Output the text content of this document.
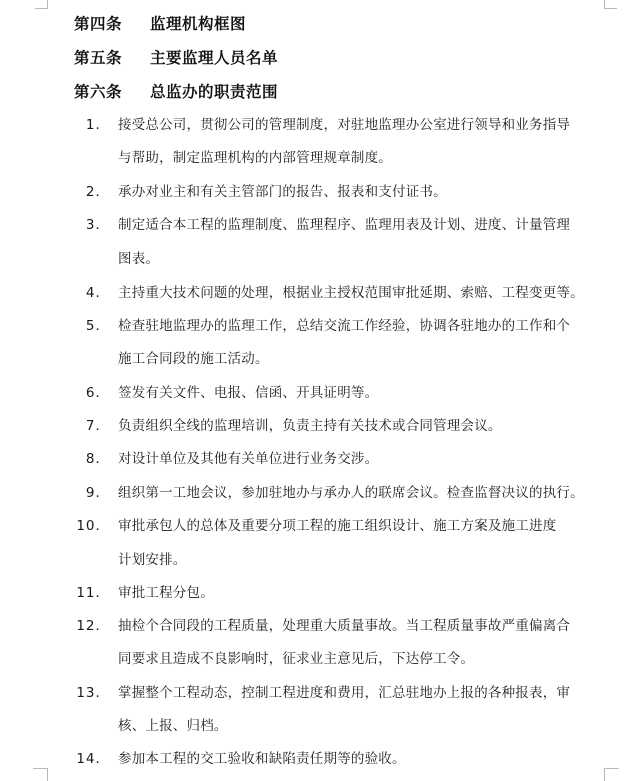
第四条 监理机构框图
第五条 主要监理人员名单
第六条 总监办的职责范围
1． 接受总公司，贯彻公司的管理制度，对驻地监理办公室进行领导和业务指导
与帮助，制定监理机构的内部管理规章制度。
2． 承办对业主和有关主管部门的报告、报表和支付证书。
3． 制定适合本工程的监理制度、监理程序、监理用表及计划、进度、计量管理
图表。
4． 主持重大技术问题的处理，根据业主授权范围审批延期、索赔、工程变更等。
5． 检查驻地监理办的监理工作，总结交流工作经验，协调各驻地办的工作和个
施工合同段的施工活动。
6． 签发有关文件、电报、信函、开具证明等。
7． 负责组织全线的监理培训，负责主持有关技术或合同管理会议。
8． 对设计单位及其他有关单位进行业务交涉。
9． 组织第一工地会议，参加驻地办与承办人的联席会议。检查监督决议的执行。
10． 审批承包人的总体及重要分项工程的施工组织设计、施工方案及施工进度
计划安排。
11． 审批工程分包。
12． 抽检个合同段的工程质量，处理重大质量事故。当工程质量事故严重偏离合
同要求且造成不良影响时，征求业主意见后，下达停工令。
13． 掌握整个工程动态，控制工程进度和费用，汇总驻地办上报的各种报表，审
核、上报、归档。
14． 参加本工程的交工验收和缺陷责任期等的验收。
